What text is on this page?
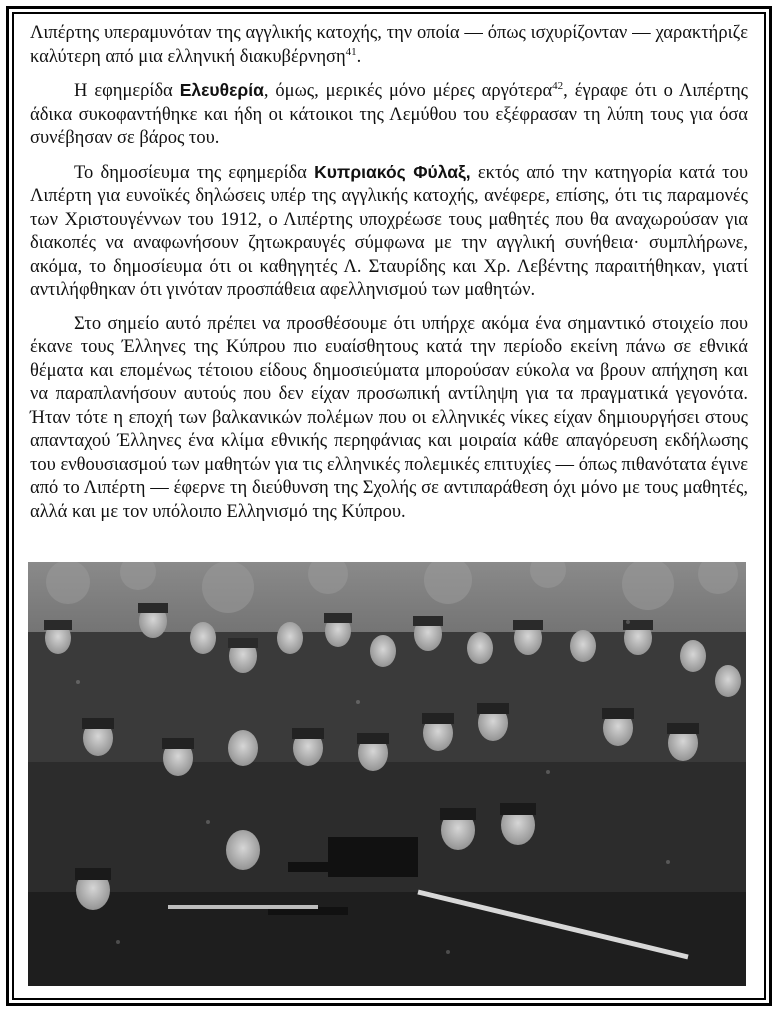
Λιπέρτης υπεραμυνόταν της αγγλικής κατοχής, την οποία — όπως ισχυρίζονταν — χαρακτήριζε καλύτερη από μια ελληνική διακυβέρνηση$^{41}$.

Η εφημερίδα Ελευθερία, όμως, μερικές μόνο μέρες αργότερα$^{42}$, έγραφε ότι ο Λιπέρτης άδικα συκοφαντήθηκε και ήδη οι κάτοικοι της Λεμύθου του εξέφρασαν τη λύπη τους για όσα συνέβησαν σε βάρος του.

Το δημοσίευμα της εφημερίδα Κυπριακός Φύλαξ, εκτός από την κατηγορία κατά του Λιπέρτη για ευνοϊκές δηλώσεις υπέρ της αγγλικής κατοχής, ανέφερε, επίσης, ότι τις παραμονές των Χριστουγέννων του 1912, ο Λιπέρτης υποχρέωσε τους μαθητές που θα αναχωρούσαν για διακοπές να αναφωνήσουν ζητωκραυγές σύμφωνα με την αγγλική συνήθεια· συμπλήρωνε, ακόμα, το δημοσίευμα ότι οι καθηγητές Λ. Σταυρίδης και Χρ. Λεβέντης παραιτήθηκαν, γιατί αντιλήφθηκαν ότι γινόταν προσπάθεια αφελληνισμού των μαθητών.

Στο σημείο αυτό πρέπει να προσθέσουμε ότι υπήρχε ακόμα ένα σημαντικό στοιχείο που έκανε τους Έλληνες της Κύπρου πιο ευαίσθητους κατά την περίοδο εκείνη πάνω σε εθνικά θέματα και επομένως τέτοιου είδους δημοσιεύματα μπορούσαν εύκολα να βρουν απήχηση και να παραπλανήσουν αυτούς που δεν είχαν προσωπική αντίληψη για τα πραγματικά γεγονότα. Ήταν τότε η εποχή των βαλκανικών πολέμων που οι ελληνικές νίκες είχαν δημιουργήσει στους απανταχού Έλληνες ένα κλίμα εθνικής περηφάνιας και μοιραία κάθε απαγόρευση εκδήλωσης του ενθουσιασμού των μαθητών για τις ελληνικές πολεμικές επιτυχίες — όπως πιθανότατα έγινε από το Λιπέρτη — έφερνε τη διεύθυνση της Σχολής σε αντιπαράθεση όχι μόνο με τους μαθητές, αλλά και με τον υπόλοιπο Ελληνισμό της Κύπρου.
